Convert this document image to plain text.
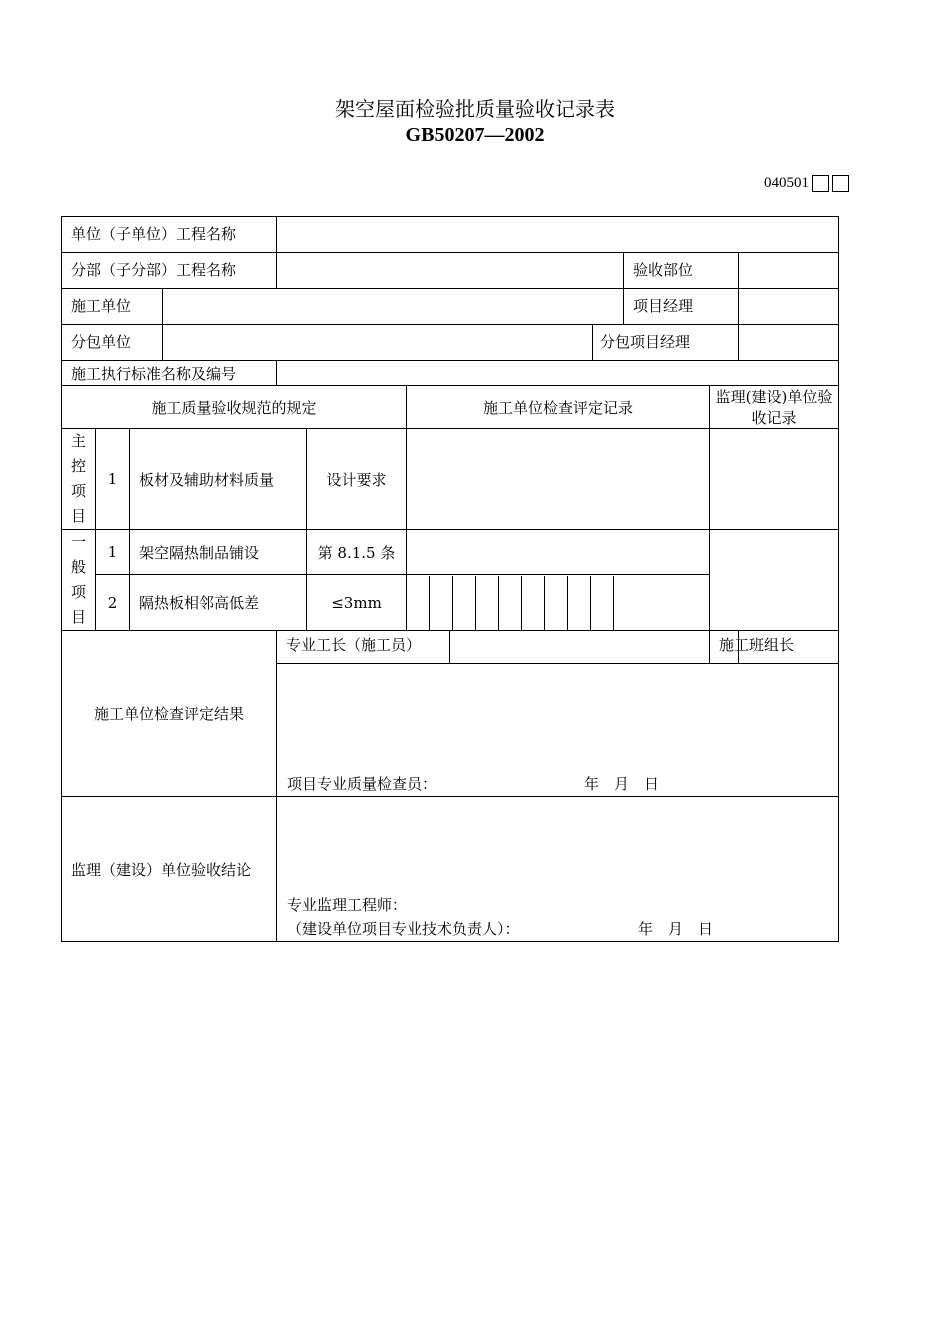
架空屋面检验批质量验收记录表
GB50207—2002
040501
单位（子单位）工程名称											
分部（子分部）工程名称									验收部位		
施工单位									项目经理		
分包单位								分包项目经理			
施工执行标准名称及编号											
施工质量验收规范的规定						施工单位检查评定记录				监理(建设)单位验收记录	

主
控
项
目	1	板材及辅助材料质量			设计要求						

一
般
项
目	1	架空隔热制品铺设			第 8.1.5 条						
	2	隔热板相邻高低差			≤3mm						

施工单位检查评定结果				专业工长（施工员）						施工班组长	

				项目专业质量检查员： 年　月　日							

监理（建设）单位验收结论				专业监理工程师：
（建设单位项目专业技术负责人）： 年　月　日							
